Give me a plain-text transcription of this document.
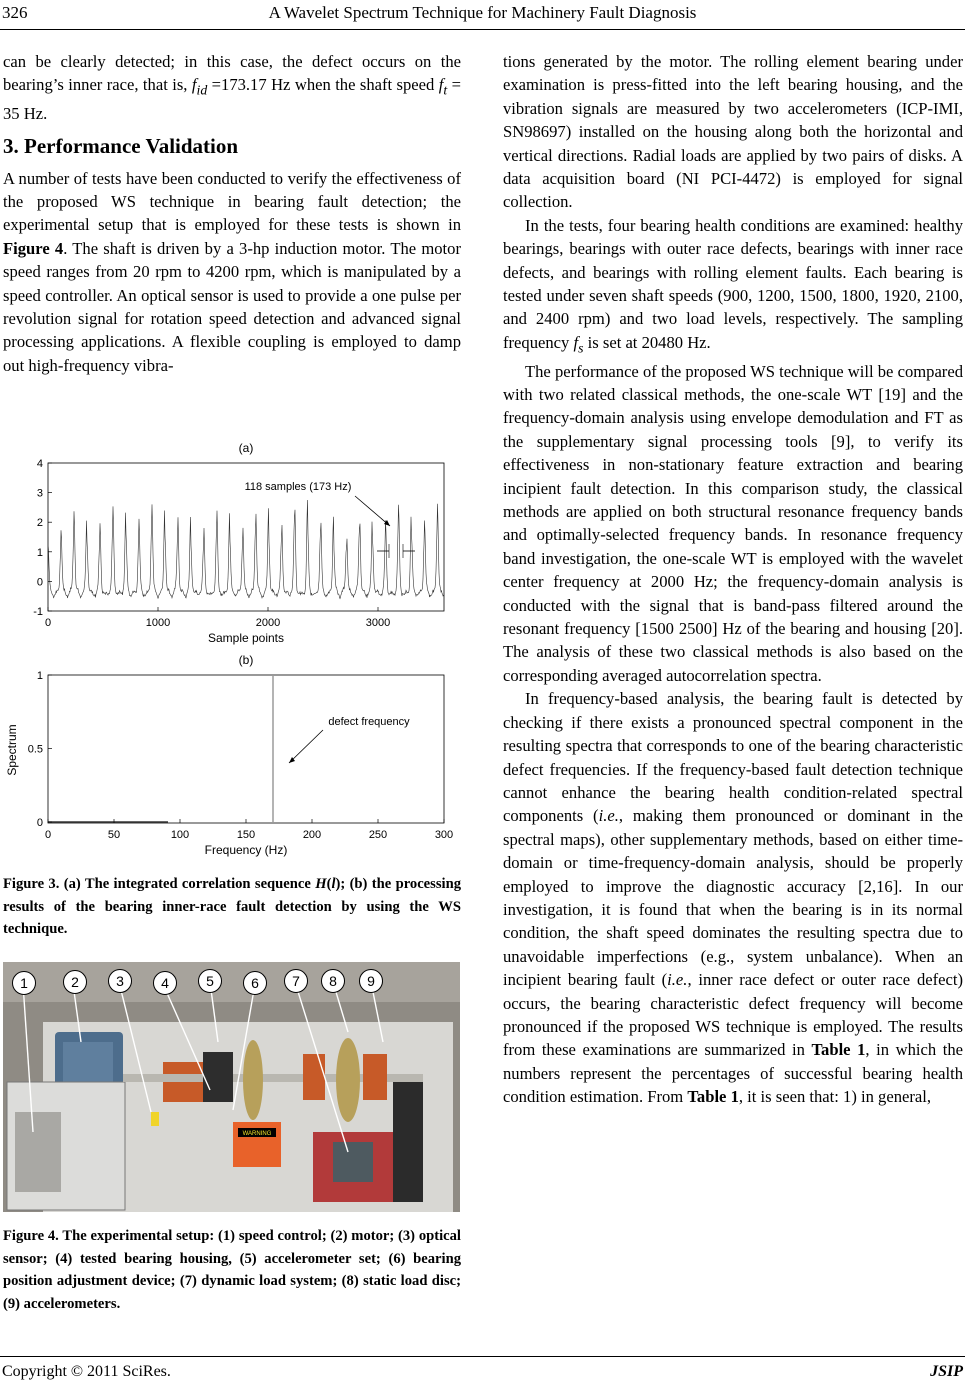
326	A Wavelet Spectrum Technique for Machinery Fault Diagnosis

can be clearly detected; in this case, the defect occurs on the bearing’s inner race, that is, $f_{id} =173.17$ Hz when the shaft speed $f_t = 35$ Hz.

3. Performance Validation

A number of tests have been conducted to verify the effectiveness of the proposed WS technique in bearing fault detection; the experimental setup that is employed for these tests is shown in Figure 4. The shaft is driven by a 3-hp induction motor. The motor speed ranges from 20 rpm to 4200 rpm, which is manipulated by a speed controller. An optical sensor is used to provide a one pulse per revolution signal for rotation speed detection and advanced signal processing applications. A flexible coupling is employed to damp out high-frequency vibra-

(a)
-1
0
1
2
3
4
0	1000	2000	3000
Sample points
118 samples (173 Hz)
(b)
0
0.5
1
0	50	100	150	200	250	300
Frequency (Hz)
Spectrum
defect frequency
Figure 3. (a) The integrated correlation sequence H(l); (b) the processing results of the bearing inner-race fault detection by using the WS technique.
WARNING
1	2	3	4	5	6	7	8	9
Figure 4. The experimental setup: (1) speed control; (2) motor; (3) optical sensor; (4) tested bearing housing, (5) accelerometer set; (6) bearing position adjustment device; (7) dynamic load system; (8) static load disc; (9) accelerometers.

tions generated by the motor. The rolling element bearing under examination is press-fitted into the left bearing housing, and the vibration signals are measured by two accelerometers (ICP-IMI, SN98697) installed on the housing along both the horizontal and vertical directions. Radial loads are applied by two pairs of disks. A data acquisition board (NI PCI-4472) is employed for signal collection.

In the tests, four bearing health conditions are examined: healthy bearings, bearings with outer race defects, bearings with inner race defects, and bearings with rolling element faults. Each bearing is tested under seven shaft speeds (900, 1200, 1500, 1800, 1920, 2100, and 2400 rpm) and two load levels, respectively. The sampling frequency $f_s$ is set at 20480 Hz.

The performance of the proposed WS technique will be compared with two related classical methods, the one-scale WT [19] and the frequency-domain analysis using envelope demodulation and FT as the supplementary signal processing tools [9], to verify its effectiveness in non-stationary feature extraction and bearing incipient fault detection. In this comparison study, the classical methods are applied on both structural resonance frequency bands and optimally-selected frequency bands. In resonance frequency band investigation, the one-scale WT is employed with the wavelet center frequency at 2000 Hz; the frequency-domain analysis is conducted with the signal that is band-pass filtered around the resonant frequency [1500 2500] Hz of the bearing and housing [20]. The analysis of these two classical methods is also based on the corresponding averaged autocorrelation spectra.

In frequency-based analysis, the bearing fault is detected by checking if there exists a pronounced spectral component in the resulting spectra that corresponds to one of the bearing characteristic defect frequencies. If the frequency-based fault detection technique cannot enhance the bearing health condition-related spectral components (i.e., making them pronounced or dominant in the spectral maps), other supplementary methods, based on either time-domain or time-frequency-domain analysis, should be properly employed to improve the diagnostic accuracy [2,16]. In our investigation, it is found that when the bearing is in its normal condition, the shaft speed dominates the resulting spectra due to unavoidable imperfections (e.g., system unbalance). When an incipient bearing fault (i.e., inner race defect or outer race defect) occurs, the bearing characteristic defect frequency will become pronounced if the proposed WS technique is employed. The results from these examinations are summarized in Table 1, in which the numbers represent the percentages of successful bearing health condition estimation. From Table 1, it is seen that: 1) in general,

Copyright © 2011 SciRes.	JSIP
